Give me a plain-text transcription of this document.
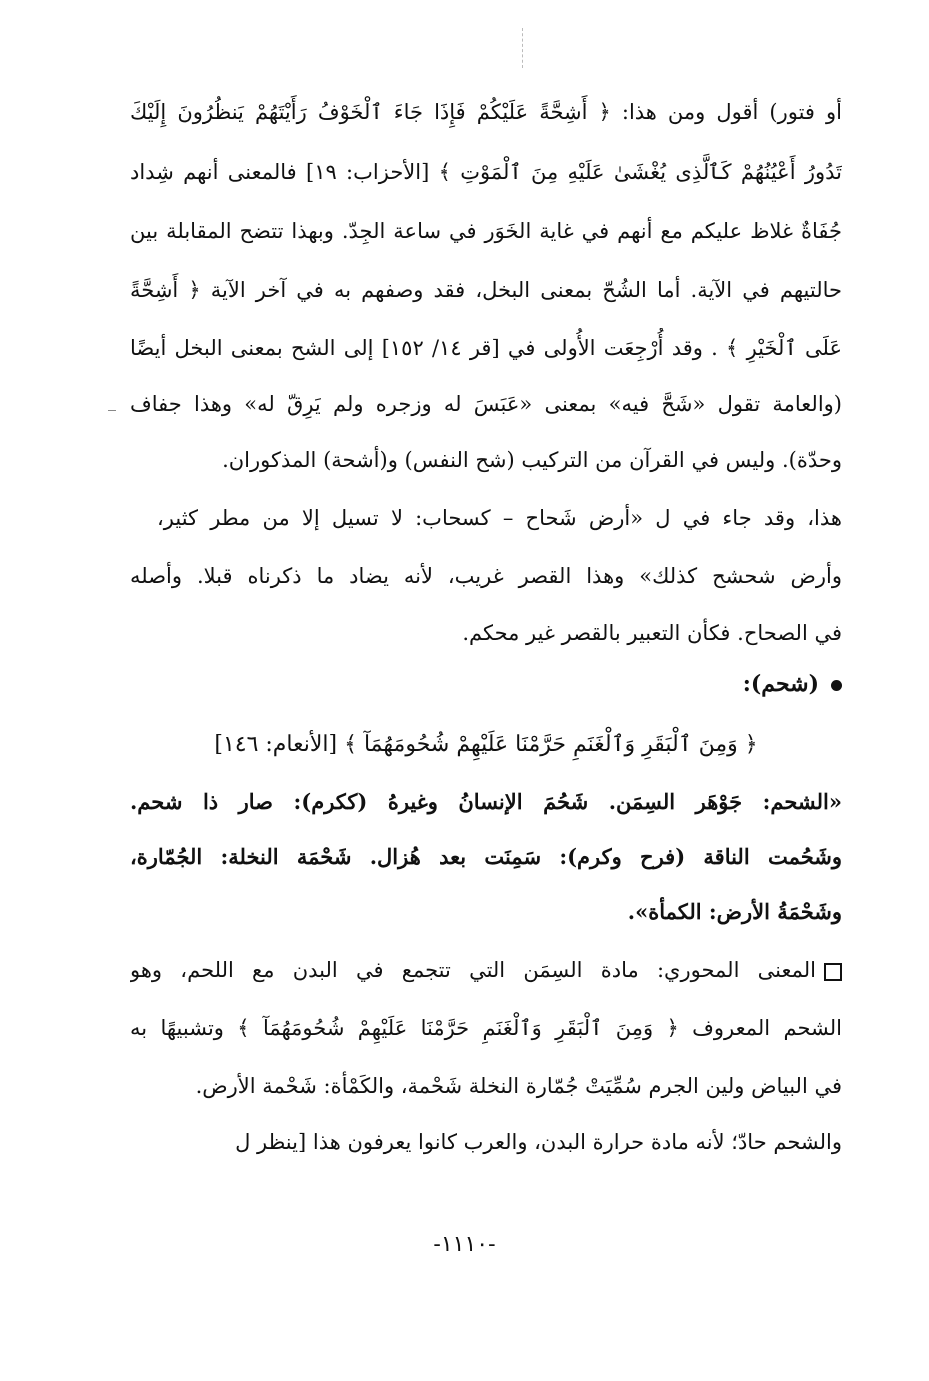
أو فتور) أقول ومن هذا: ﴿ أَشِحَّةً عَلَيْكُمْ فَإِذَا جَاءَ ٱلْخَوْفُ رَأَيْتَهُمْ يَنظُرُونَ إِلَيْكَ
تَدُورُ أَعْيُنُهُمْ كَٱلَّذِى يُغْشَىٰ عَلَيْهِ مِنَ ٱلْمَوْتِ ﴾ [الأحزاب: ١٩] فالمعنى أنهم شِداد
جُفَاةٌ غلاظ عليكم مع أنهم في غاية الخَوَر في ساعة الجِدّ. وبهذا تتضح المقابلة بين
حالتيهم في الآية. أما الشُحّ بمعنى البخل، فقد وصفهم به في آخر الآية ﴿ أَشِحَّةً
عَلَى ٱلْخَيْرِ ﴾ . وقد أُرْجِعَت الأُولى في [قر ١٤/ ١٥٢] إلى الشح بمعنى البخل أيضًا
(والعامة تقول «شَحَّ فيه» بمعنى «عَبَسَ له وزجره ولم يَرِقّ له» وهذا جفاف
وحدّة). وليس في القرآن من التركيب (شح النفس) و(أشحة) المذكوران.
هذا، وقد جاء في ل «أرض شَحاح – كسحاب: لا تسيل إلا من مطر كثير،
وأرض شحشح كذلك» وهذا القصر غريب، لأنه يضاد ما ذكرناه قبلا. وأصله
في الصحاح. فكأن التعبير بالقصر غير محكم.
(شحم):
﴿ وَمِنَ ٱلْبَقَرِ وَٱلْغَنَمِ حَرَّمْنَا عَلَيْهِمْ شُحُومَهُمَآ ﴾ [الأنعام: ١٤٦]
«الشحم: جَوْهَر السِمَن. شَحُمَ الإنسانُ وغيرهُ (ككرم): صار ذا شحم.
وشَحُمت الناقة (فرح وكرم): سَمِنَت بعد هُزال. شَحْمَة النخلة: الجُمّارة،
وشَحْمَةُ الأرض: الكمأة».
المعنى المحوري: مادة السِمَن التي تتجمع في البدن مع اللحم، وهو
الشحم المعروف ﴿ وَمِنَ ٱلْبَقَرِ وَٱلْغَنَمِ حَرَّمْنَا عَلَيْهِمْ شُحُومَهُمَآ ﴾ وتشبيهًا به
في البياض ولين الجرم سُمِّيَتْ جُمّارة النخلة شَحْمة، والكَمْأة: شَحْمة الأرض.
والشحم حادّ؛ لأنه مادة حرارة البدن، والعرب كانوا يعرفون هذا [ينظر ل
-١١١٠-
